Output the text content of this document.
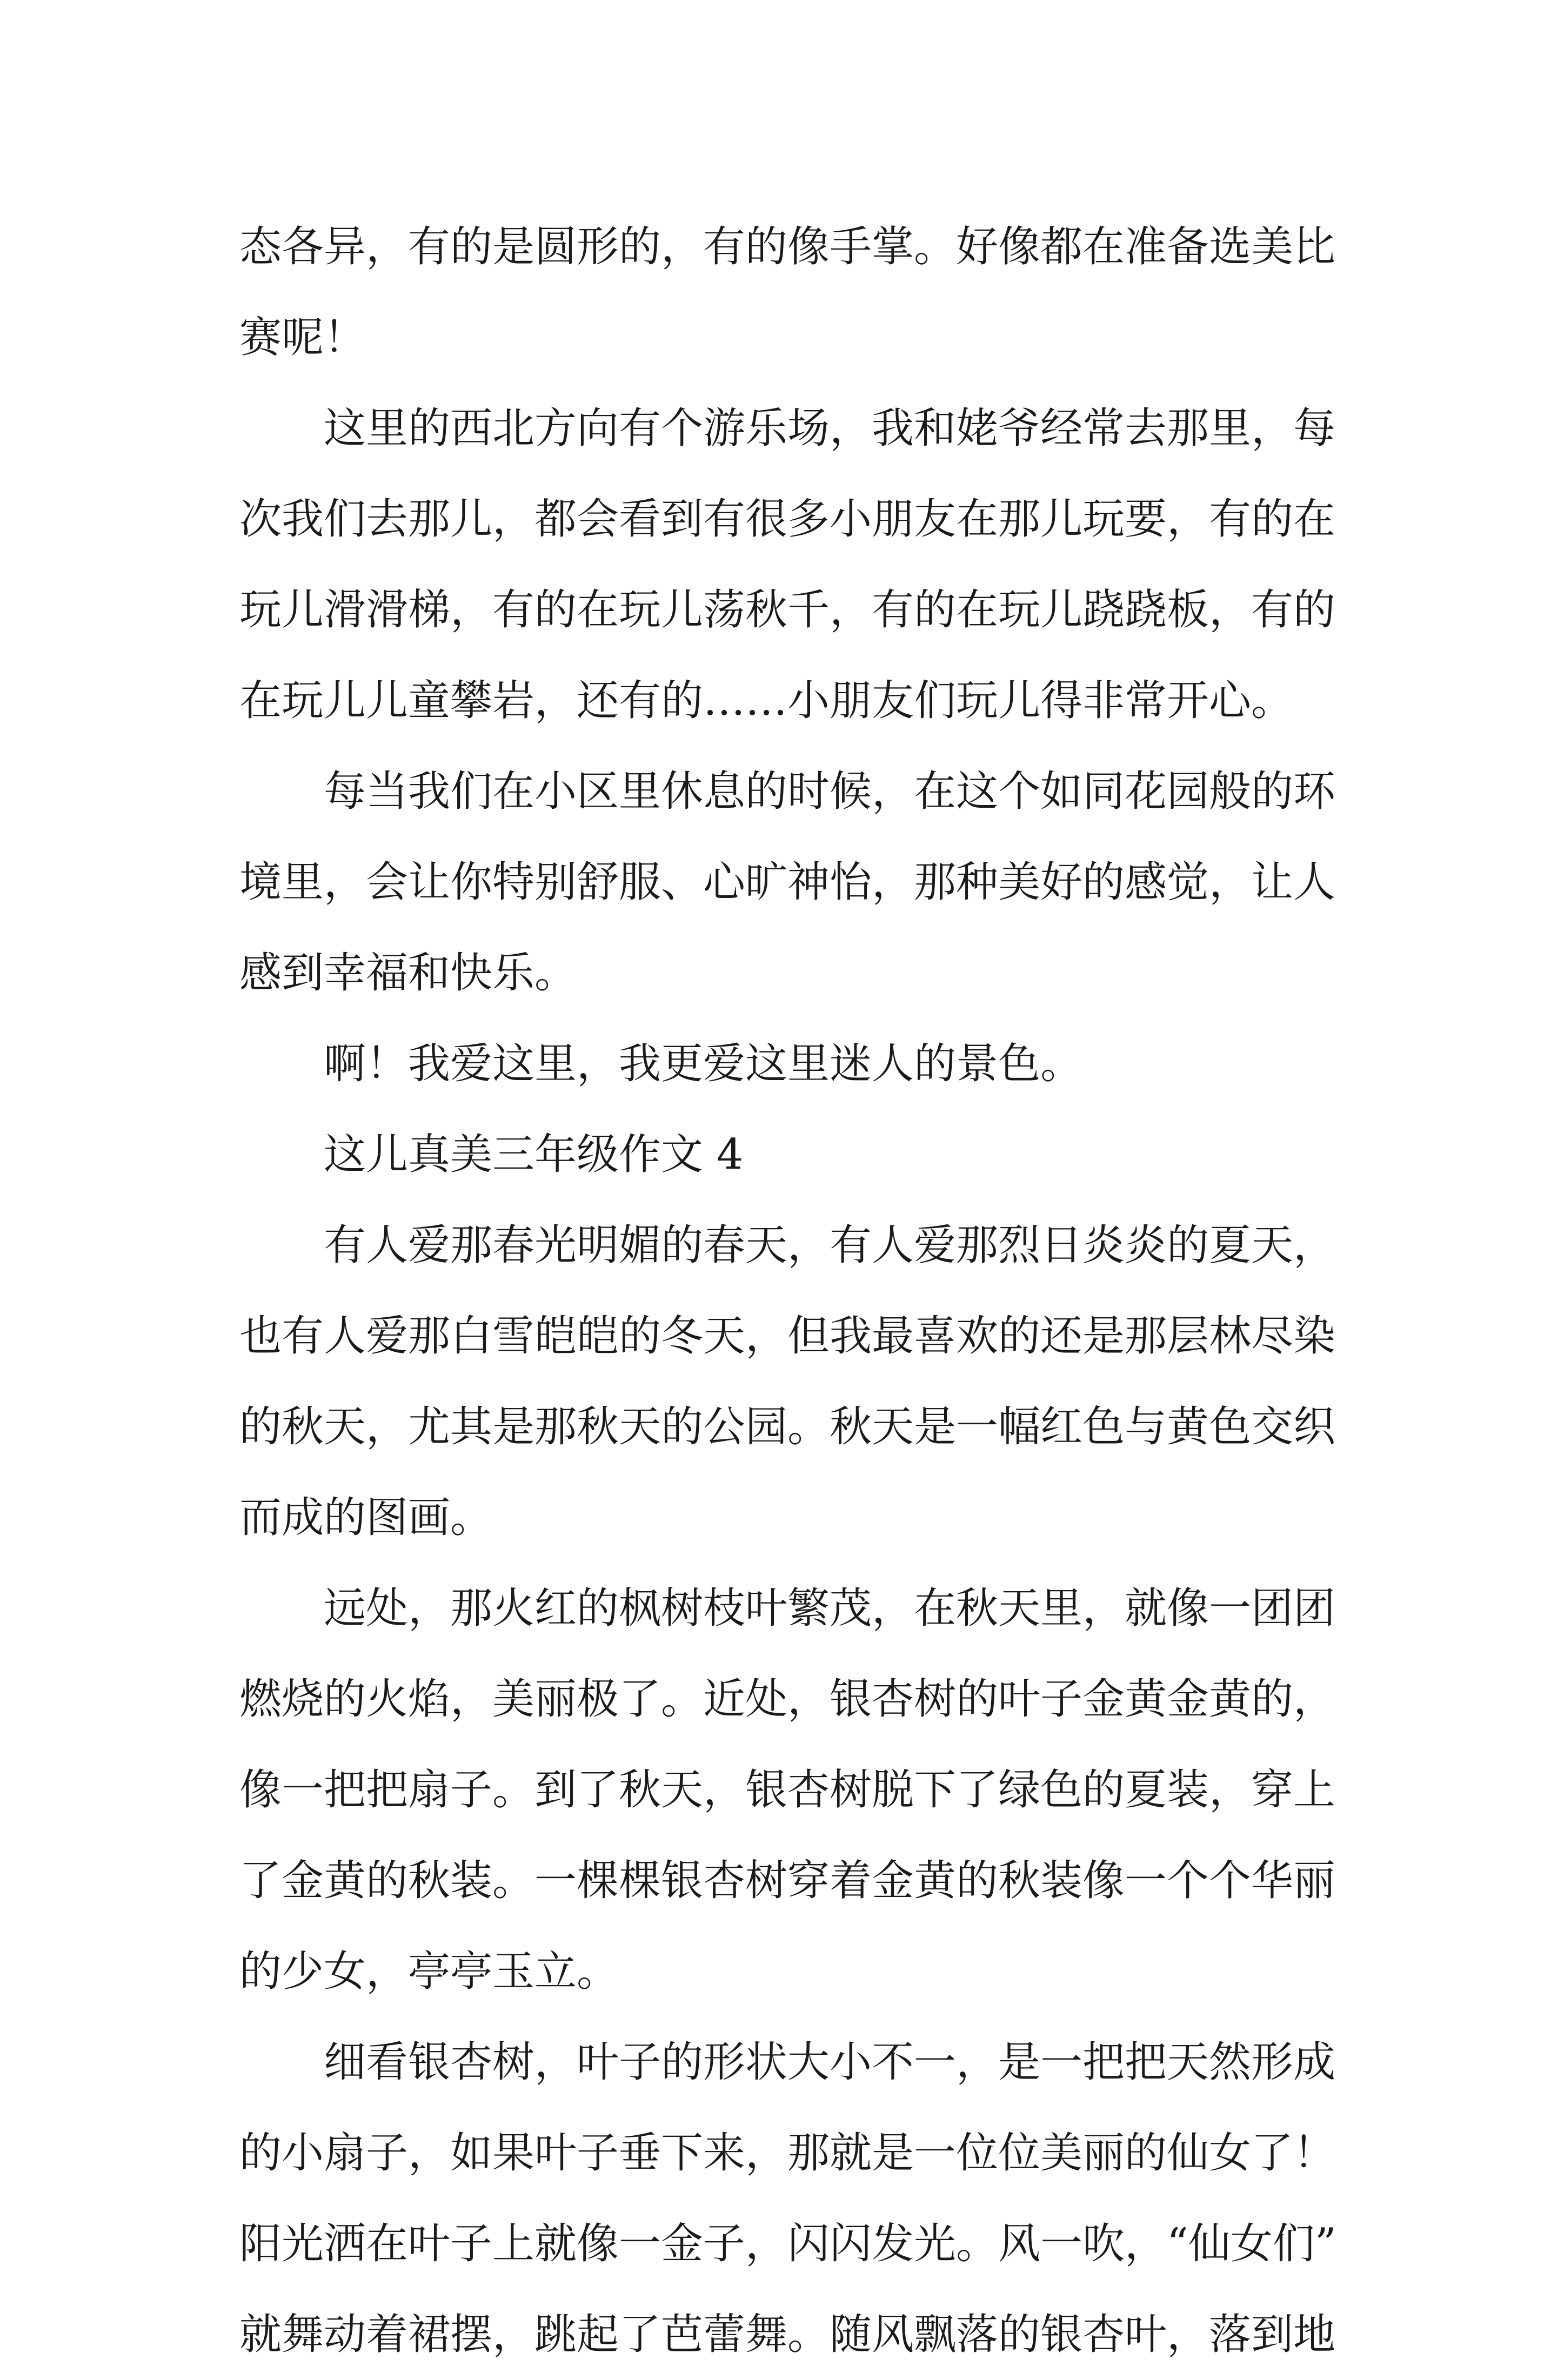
态各异，有的是圆形的，有的像手掌。好像都在准备选美比
赛呢！
这里的西北方向有个游乐场，我和姥爷经常去那里，每
次我们去那儿，都会看到有很多小朋友在那儿玩要，有的在
玩儿滑滑梯，有的在玩儿荡秋千，有的在玩儿跷跷板，有的
在玩儿儿童攀岩，还有的……小朋友们玩儿得非常开心。
每当我们在小区里休息的时候，在这个如同花园般的环
境里，会让你特别舒服、心旷神怡，那种美好的感觉，让人
感到幸福和快乐。
啊！我爱这里，我更爱这里迷人的景色。
这儿真美三年级作文 4
有人爱那春光明媚的春天，有人爱那烈日炎炎的夏天，
也有人爱那白雪皑皑的冬天，但我最喜欢的还是那层林尽染
的秋天，尤其是那秋天的公园。秋天是一幅红色与黄色交织
而成的图画。
远处，那火红的枫树枝叶繁茂，在秋天里，就像一团团
燃烧的火焰，美丽极了。近处，银杏树的叶子金黄金黄的，
像一把把扇子。到了秋天，银杏树脱下了绿色的夏装，穿上
了金黄的秋装。一棵棵银杏树穿着金黄的秋装像一个个华丽
的少女，亭亭玉立。
细看银杏树，叶子的形状大小不一，是一把把天然形成
的小扇子，如果叶子垂下来，那就是一位位美丽的仙女了！
阳光洒在叶子上就像一金子，闪闪发光。风一吹，“仙女们”
就舞动着裙摆，跳起了芭蕾舞。随风飘落的银杏叶，落到地
